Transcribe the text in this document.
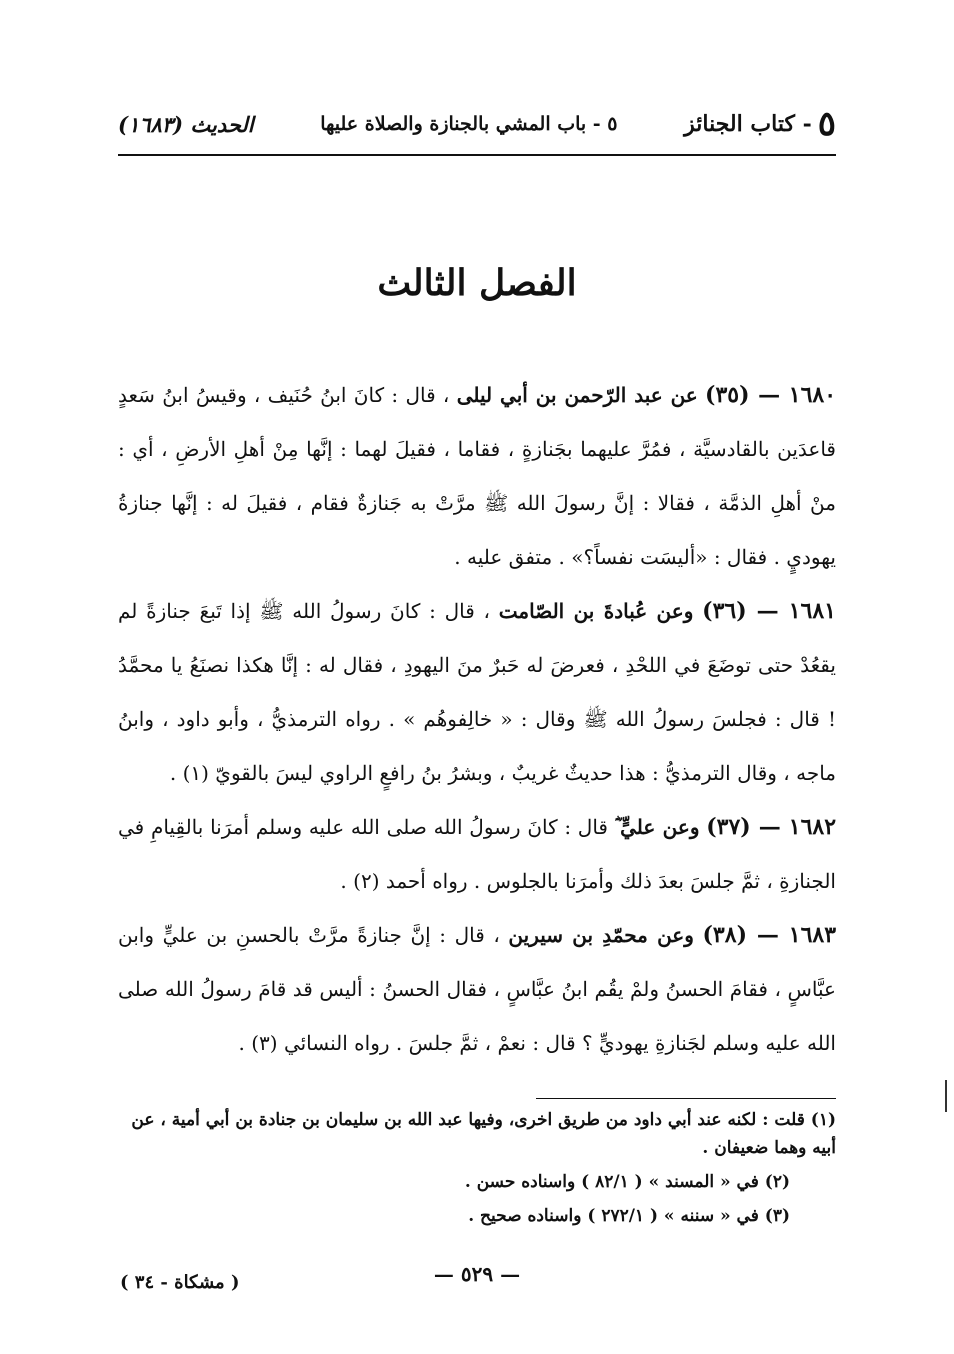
٥
- كتاب الجنائز
٥ - باب المشي بالجنازة والصلاة عليها
الحديث (١٦٨٣)
الفصل الثالث

١٦٨٠ — (٣٥) عن عبد الرّحمن بن أبي ليلى ، قال : كانَ ابنُ حُنَيف ، وقيسُ ابنُ سَعدٍ قاعدَين بالقادسيَّة ، فمُرَّ عليهما بجَنازةٍ ، فقاما ، فقيلَ لهما : إنَّها مِنْ أهلِ الأرضِ ، أي : منْ أهلِ الذمَّة ، فقالا : إنَّ رسولَ الله ﷺ مرَّتْ به جَنازةٌ فقام ، فقيلَ له : إنَّها جنازةُ يهوديٍ . فقال : «أليسَت نفساً؟» . متفق عليه .

١٦٨١ — (٣٦) وعن عُبادةَ بن الصّامت ، قال : كانَ رسولُ الله ﷺ إذا تَبعَ جنازةً لم يقعُدْ حتى توضَعَ في اللحْدِ ، فعرضَ له حَبرٌ منَ اليهودِ ، فقال له : إنَّا هكذا نصنَعُ يا محمَّدُ ! قال : فجلسَ رسولُ الله ﷺ وقال : « خالِفوهُم » . رواه الترمذيُّ ، وأبو داود ، وابنُ ماجه ، وقال الترمذيُّ : هذا حديثٌ غريبٌ ، وبشرُ بنُ رافعٍ الراوي ليسَ بالقويّ (١) .

١٦٨٢ — (٣٧) وعن عليٍّ ؓ قال : كانَ رسولُ الله صلى الله عليه وسلم أمرَنا بالقِيامِ في الجنازةِ ، ثمَّ جلسَ بعدَ ذلك وأمرَنا بالجلوس . رواه أحمد (٢) .

١٦٨٣ — (٣٨) وعن محمّدِ بن سيرين ، قال : إنَّ جنازةً مرَّتْ بالحسنِ بن عليٍّ وابن عبَّاسٍ ، فقامَ الحسنُ ولمْ يقُم ابنُ عبَّاسٍ ، فقال الحسنُ : أليس قد قامَ رسولُ الله صلى الله عليه وسلم لجَنازةِ يهوديٍّ ؟ قال : نعمْ ، ثمَّ جلسَ . رواه النسائي (٣) .

(١) قلت : لكنه عند أبي داود من طريق اخرى، وفيها عبد الله بن سليمان بن جنادة بن أبي أمية ، عن أبيه وهما ضعيفان .

(٢) في « المسند » ( ٨٢/١ ) واسناده حسن .

(٣) في « سننه » ( ٢٧٢/١ ) واسناده صحيح .

— ٥٢٩ —
( مشكاة - ٣٤ )
